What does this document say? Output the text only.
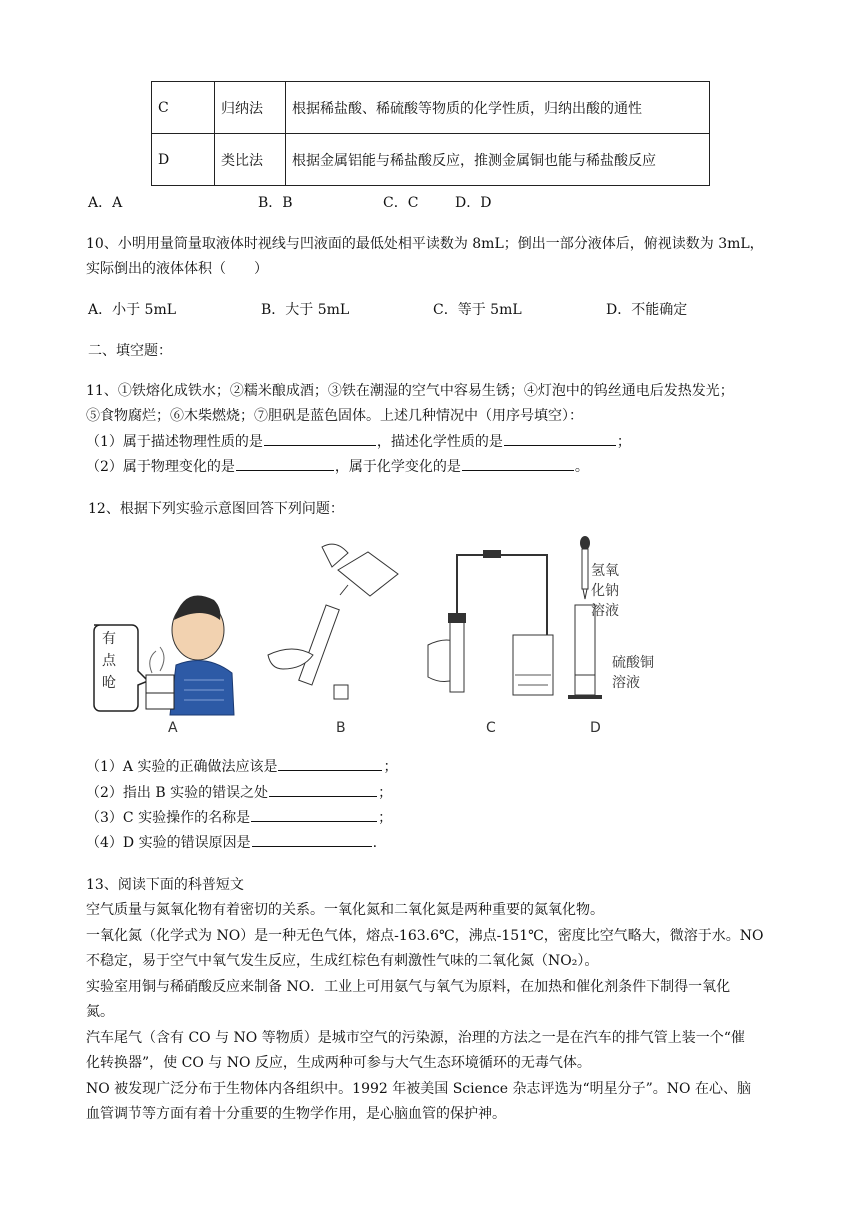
C	归纳法	根据稀盐酸、稀硫酸等物质的化学性质，归纳出酸的通性
D	类比法	根据金属铝能与稀盐酸反应，推测金属铜也能与稀盐酸反应
A．A	B．B	C．C	D．D
10、小明用量筒量取液体时视线与凹液面的最低处相平读数为 8mL；倒出一部分液体后，俯视读数为 3mL，
实际倒出的液体体积（　　）
A．小于 5mL	B．大于 5mL	C．等于 5mL	D．不能确定
二、填空题：
11、①铁熔化成铁水；②糯米酿成酒；③铁在潮湿的空气中容易生锈；④灯泡中的钨丝通电后发热发光；
⑤食物腐烂；⑥木柴燃烧；⑦胆矾是蓝色固体。上述几种情况中（用序号填空）：
（1）属于描述物理性质的是	，描述化学性质的是	；
（2）属于物理变化的是	，属于化学变化的是	。
12、根据下列实验示意图回答下列问题：
有
点
呛
A	B	C
氢氧
化钠
溶液
硫酸铜
溶液
D
（1）A 实验的正确做法应该是	；
（2）指出 B 实验的错误之处	；
（3）C 实验操作的名称是	；
（4）D 实验的错误原因是	.
13、阅读下面的科普短文
空气质量与氮氧化物有着密切的关系。一氧化氮和二氧化氮是两种重要的氮氧化物。
一氧化氮（化学式为 NO）是一种无色气体，熔点-163.6℃，沸点-151℃，密度比空气略大，微溶于水。NO
不稳定，易于空气中氧气发生反应，生成红棕色有刺激性气味的二氧化氮（NO₂）。
实验室用铜与稀硝酸反应来制备 NO．工业上可用氨气与氧气为原料，在加热和催化剂条件下制得一氧化
氮。
汽车尾气（含有 CO 与 NO 等物质）是城市空气的污染源，治理的方法之一是在汽车的排气管上装一个“催
化转换器”，使 CO 与 NO 反应，生成两种可参与大气生态环境循环的无毒气体。
NO 被发现广泛分布于生物体内各组织中。1992 年被美国 Science 杂志评选为“明星分子”。NO 在心、脑
血管调节等方面有着十分重要的生物学作用，是心脑血管的保护神。
